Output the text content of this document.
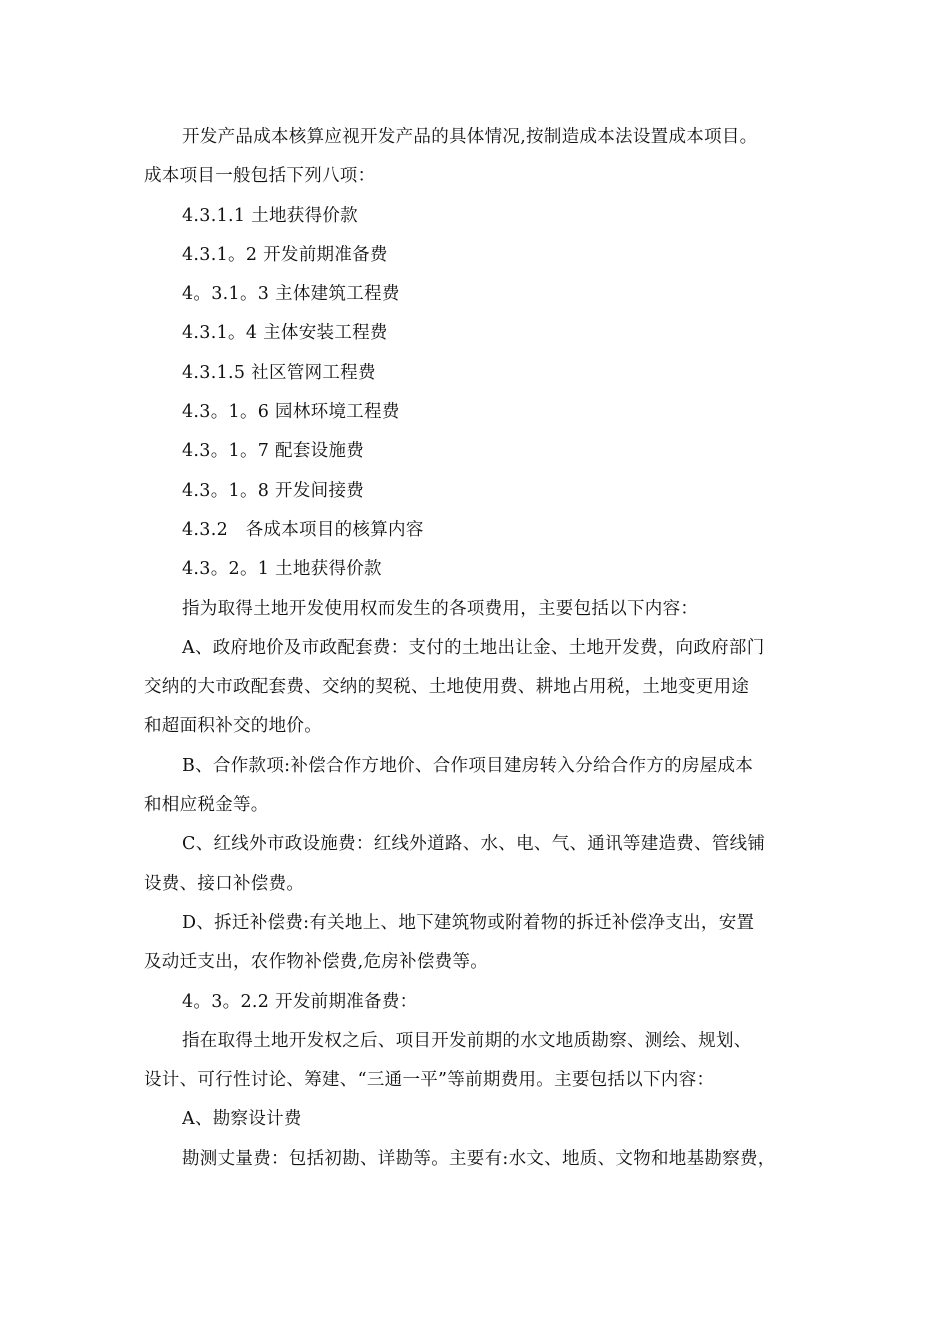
开发产品成本核算应视开发产品的具体情况,按制造成本法设置成本项目。
成本项目一般包括下列八项：
4.3.1.1 土地获得价款
4.3.1。2 开发前期准备费
4。3.1。3 主体建筑工程费
4.3.1。4 主体安装工程费
4.3.1.5 社区管网工程费
4.3。1。6 园林环境工程费
4.3。1。7 配套设施费
4.3。1。8 开发间接费
4.3.2   各成本项目的核算内容
4.3。2。1 土地获得价款
指为取得土地开发使用权而发生的各项费用，主要包括以下内容：
A、政府地价及市政配套费：支付的土地出让金、土地开发费，向政府部门
交纳的大市政配套费、交纳的契税、土地使用费、耕地占用税，土地变更用途
和超面积补交的地价。
B、合作款项:补偿合作方地价、合作项目建房转入分给合作方的房屋成本
和相应税金等。
C、红线外市政设施费：红线外道路、水、电、气、通讯等建造费、管线铺
设费、接口补偿费。
D、拆迁补偿费:有关地上、地下建筑物或附着物的拆迁补偿净支出，安置
及动迁支出，农作物补偿费,危房补偿费等。
4。3。2.2 开发前期准备费：
指在取得土地开发权之后、项目开发前期的水文地质勘察、测绘、规划、
设计、可行性讨论、筹建、“三通一平”等前期费用。主要包括以下内容：
A、勘察设计费
勘测丈量费：包括初勘、详勘等。主要有:水文、地质、文物和地基勘察费，
